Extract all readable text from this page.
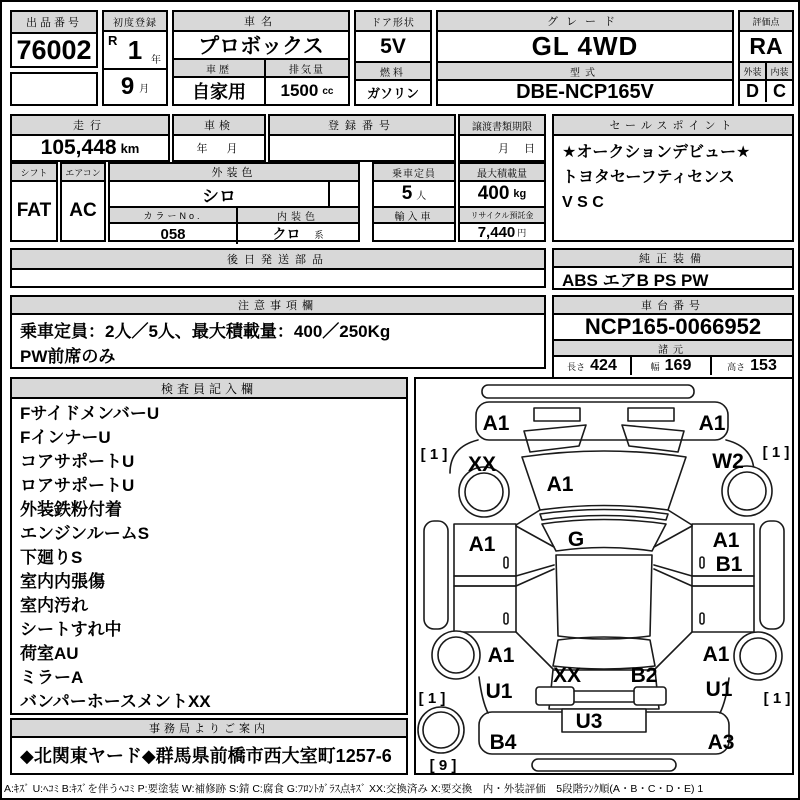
出品番号
76002
初度登録
R 1 年
9 月
車名
プロボックス
車歴	排気量
自家用	1500 cc
ドア形状
5V
燃料
ガソリン
グレード
GL 4WD
型式
DBE-NCP165V
評価点
RA
外装 内装
D C
走行
105,448 km
車検
年　月
登録番号	譲渡書類期限
月　日
セールスポイント
★オークションデビュー★
トヨタセーフティセンス
V S C
シフト
FAT
エアコン
AC
外装色
シロ
カラーNo.	内装色
058	クロ 系
乗車定員
5 人
輸入車
最大積載量
400 kg
リサイクル預託金
7,440 円
後日発送部品	純正装備
ABS エアB PS PW
注意事項欄
乗車定員：2人／5人、最大積載量：400／250Kg
PW前席のみ
車台番号
NCP165-0066952
諸元
長さ 424	幅 169	高さ 153
検査員記入欄
FサイドメンバーU
FインナーU
コアサポートU
ロアサポートU
外装鉄粉付着
エンジンルームS
下廻りS
室内内張傷
室内汚れ
シートすれ中
荷室AU
ミラーA
バンパーホースメントXX
事務局よりご案内
◆北関東ヤード◆群馬県前橋市西大室町1257-6
A1	A1
[ 1 ]	[ 1 ]
XX	W2
A1
G
A1	A1
B1
A1	A1
U1	U1
[ 1 ]	[ 1 ]
XX B2
U3
B4	A3
[ 9 ]
A:ｷｽﾞ U:ﾍｺﾐ B:ｷｽﾞを伴うﾍｺﾐ P:要塗装 W:補修跡 S:錆 C:腐食 G:ﾌﾛﾝﾄｶﾞﾗｽ点ｷｽﾞ XX:交換済み X:要交換　内・外装評価　5段階ﾗﾝｸ順(A・B・C・D・E) 1
